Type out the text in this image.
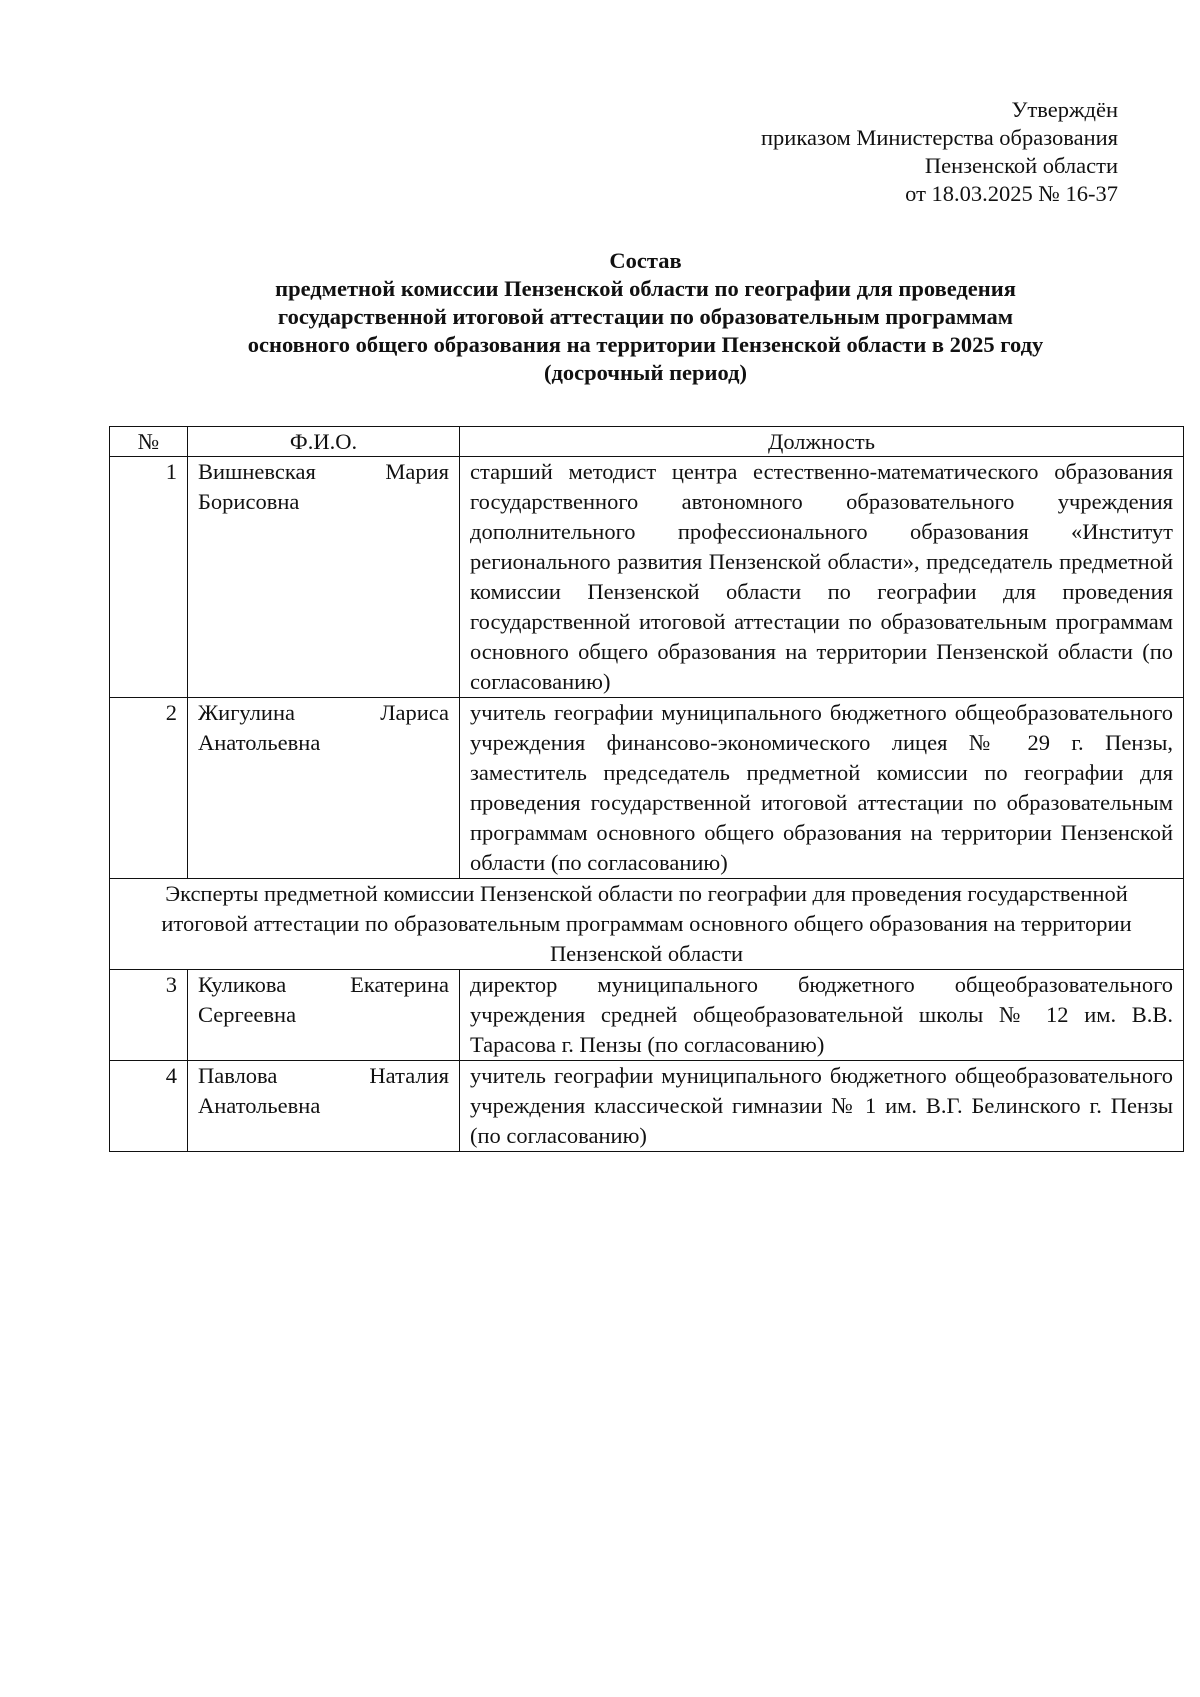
Утверждён
приказом Министерства образования
Пензенской области
от 18.03.2025 № 16-37
Состав
предметной комиссии Пензенской области по географии для проведения
государственной итоговой аттестации по образовательным программам
основного общего образования на территории Пензенской области в 2025 году
(досрочный период)
№	Ф.И.О.	Должность
1	Вишневская Мария Борисовна	старший методист центра естественно-математического образования государственного автономного образовательного учреждения дополнительного профессионального образования «Институт регионального развития Пензенской области», председатель предметной комиссии Пензенской области по географии для проведения государственной итоговой аттестации по образовательным программам основного общего образования на территории Пензенской области (по согласованию)
2	Жигулина Лариса Анатольевна	учитель географии муниципального бюджетного общеобразовательного учреждения финансово-экономического лицея № 29 г. Пензы, заместитель председатель предметной комиссии по географии для проведения государственной итоговой аттестации по образовательным программам основного общего образования на территории Пензенской области (по согласованию)
Эксперты предметной комиссии Пензенской области по географии для проведения государственной итоговой аттестации по образовательным программам основного общего образования на территории Пензенской области		
3	Куликова Екатерина Сергеевна	директор муниципального бюджетного общеобразовательного учреждения средней общеобразовательной школы № 12 им. В.В. Тарасова г. Пензы (по согласованию)
4	Павлова Наталия Анатольевна	учитель географии муниципального бюджетного общеобразовательного учреждения классической гимназии № 1 им. В.Г. Белинского г. Пензы (по согласованию)
